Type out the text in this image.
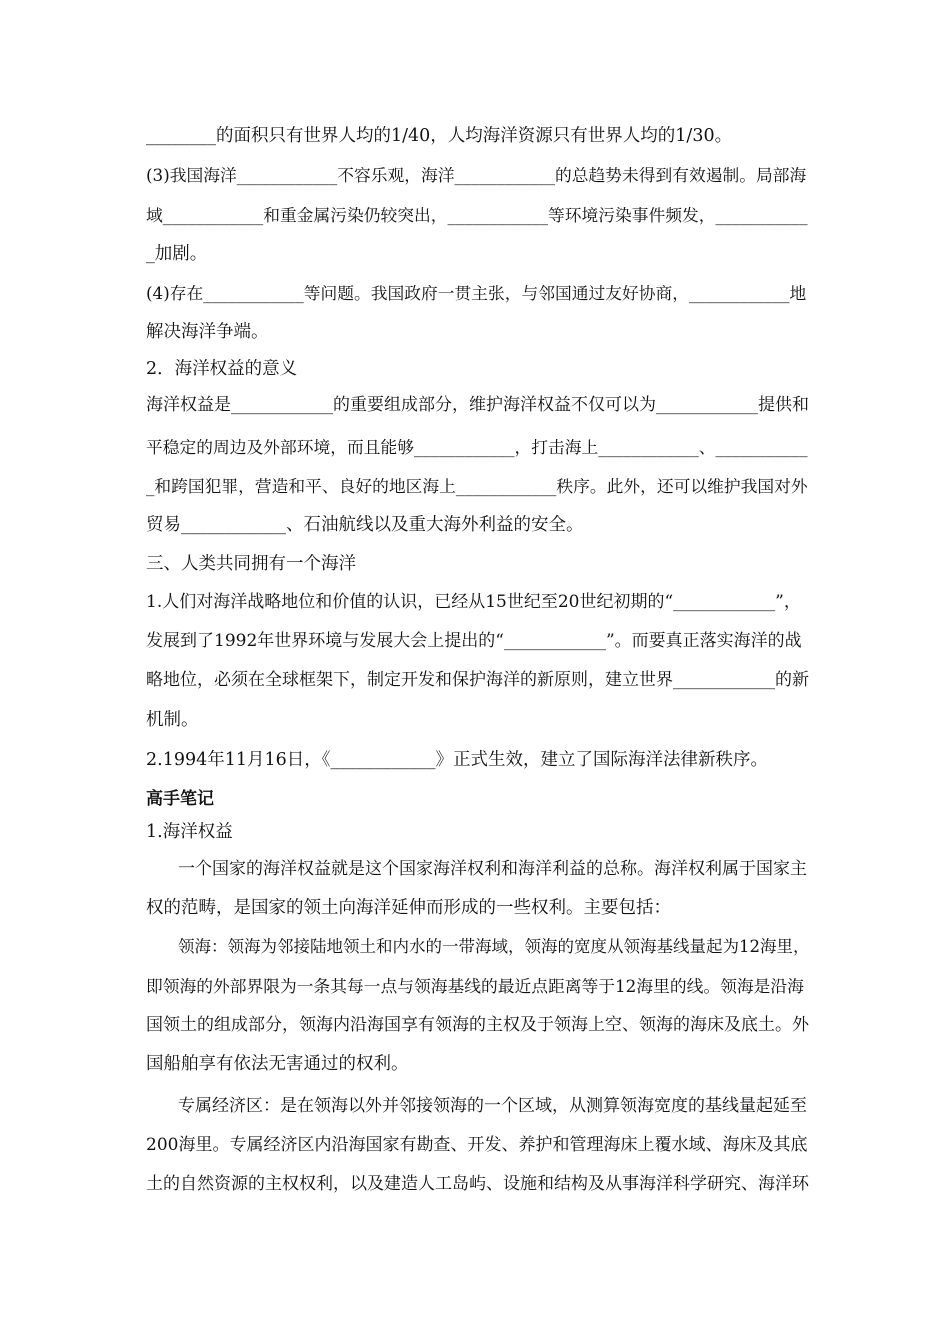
________的面积只有世界人均的1/40，人均海洋资源只有世界人均的1/30。
(3)我国海洋____________不容乐观，海洋____________的总趋势未得到有效遏制。局部海
域____________和重金属污染仍较突出，____________等环境污染事件频发，___________
_加剧。
(4)存在____________等问题。我国政府一贯主张，与邻国通过友好协商，____________地
解决海洋争端。
2．海洋权益的意义
海洋权益是____________的重要组成部分，维护海洋权益不仅可以为____________提供和
平稳定的周边及外部环境，而且能够____________，打击海上____________、___________
_和跨国犯罪，营造和平、良好的地区海上____________秩序。此外，还可以维护我国对外
贸易____________、石油航线以及重大海外利益的安全。
三、人类共同拥有一个海洋
1.人们对海洋战略地位和价值的认识，已经从15世纪至20世纪初期的“____________”，
发展到了1992年世界环境与发展大会上提出的“____________”。而要真正落实海洋的战
略地位，必须在全球框架下，制定开发和保护海洋的新原则，建立世界____________的新
机制。
2.1994年11月16日，《____________》正式生效，建立了国际海洋法律新秩序。
高手笔记
1.海洋权益
一个国家的海洋权益就是这个国家海洋权利和海洋利益的总称。海洋权利属于国家主
权的范畴，是国家的领土向海洋延伸而形成的一些权利。主要包括：
领海：领海为邻接陆地领土和内水的一带海域，领海的宽度从领海基线量起为12海里，
即领海的外部界限为一条其每一点与领海基线的最近点距离等于12海里的线。领海是沿海
国领土的组成部分，领海内沿海国享有领海的主权及于领海上空、领海的海床及底土。外
国船舶享有依法无害通过的权利。
专属经济区：是在领海以外并邻接领海的一个区域，从测算领海宽度的基线量起延至
200海里。专属经济区内沿海国家有勘查、开发、养护和管理海床上覆水域、海床及其底
土的自然资源的主权权利，以及建造人工岛屿、设施和结构及从事海洋科学研究、海洋环
